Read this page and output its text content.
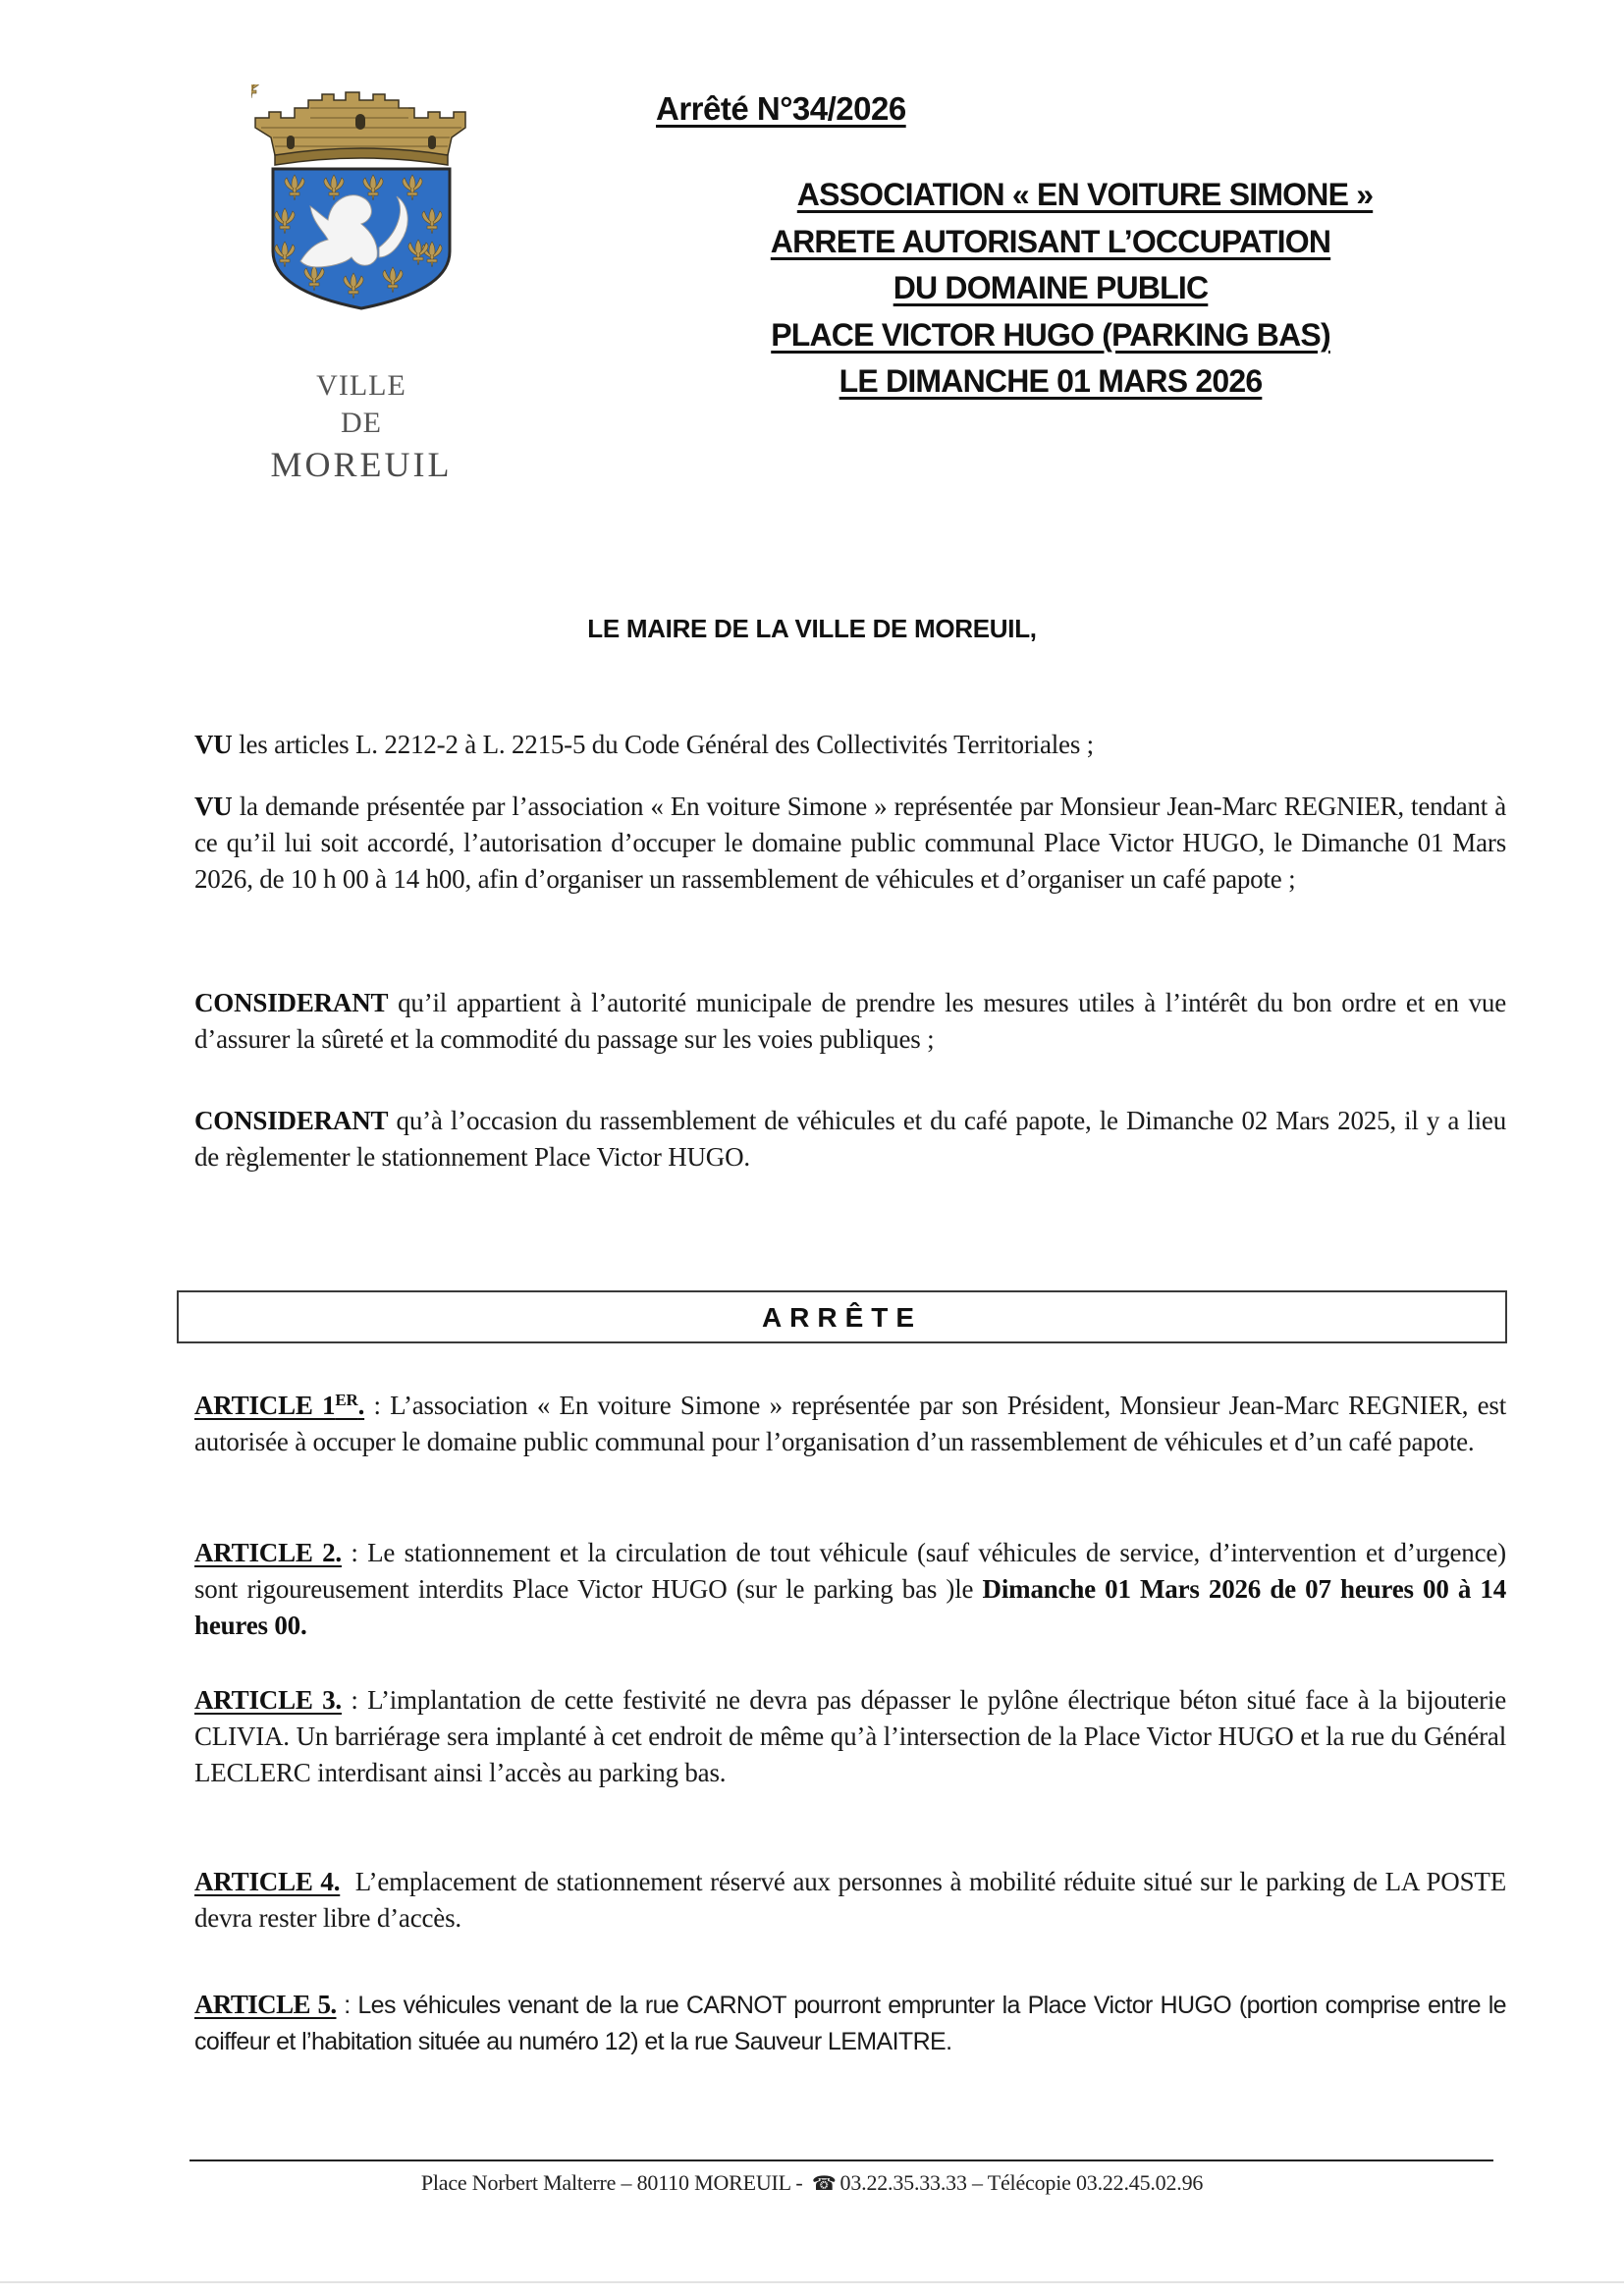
VILLE
DE
MOREUIL
Arrêté N°34/2026
ASSOCIATION « EN VOITURE SIMONE »
ARRETE AUTORISANT L’OCCUPATION
DU DOMAINE PUBLIC
PLACE VICTOR HUGO (PARKING BAS)
LE DIMANCHE 01 MARS 2026
LE MAIRE DE LA VILLE DE MOREUIL,
VU les articles L. 2212-2 à L. 2215-5 du Code Général des Collectivités Territoriales ;
VU la demande présentée par l’association « En voiture Simone » représentée par Monsieur Jean-Marc REGNIER, tendant à ce qu’il lui soit accordé, l’autorisation d’occuper le domaine public communal Place Victor HUGO, le Dimanche 01 Mars 2026, de 10 h 00 à 14 h00, afin d’organiser un rassemblement de véhicules et d’organiser un café papote ;
CONSIDERANT qu’il appartient à l’autorité municipale de prendre les mesures utiles à l’intérêt du bon ordre et en vue d’assurer la sûreté et la commodité du passage sur les voies publiques ;
CONSIDERANT qu’à l’occasion du rassemblement de véhicules et du café papote, le Dimanche 02 Mars 2025, il y a lieu de règlementer le stationnement Place Victor HUGO.
ARRÊTE
ARTICLE 1ER. : L’association « En voiture Simone » représentée par son Président, Monsieur Jean-Marc REGNIER, est autorisée à occuper le domaine public communal pour l’organisation d’un rassemblement de véhicules et d’un café papote.
ARTICLE 2. : Le stationnement et la circulation de tout véhicule (sauf véhicules de service, d’intervention et d’urgence) sont rigoureusement interdits Place Victor HUGO (sur le parking bas )le Dimanche 01 Mars 2026 de 07 heures 00 à 14 heures 00.
ARTICLE 3. : L’implantation de cette festivité ne devra pas dépasser le pylône électrique béton situé face à la bijouterie CLIVIA. Un barriérage sera implanté à cet endroit de même qu’à l’intersection de la Place Victor HUGO et la rue du Général LECLERC interdisant ainsi l’accès au parking bas.
ARTICLE 4. L’emplacement de stationnement réservé aux personnes à mobilité réduite situé sur le parking de LA POSTE devra rester libre d’accès.
ARTICLE 5. : Les véhicules venant de la rue CARNOT pourront emprunter la Place Victor HUGO (portion comprise entre le coiffeur et l’habitation située au numéro 12) et la rue Sauveur LEMAITRE.
Place Norbert Malterre – 80110 MOREUIL - ☎ 03.22.35.33.33 – Télécopie 03.22.45.02.96
